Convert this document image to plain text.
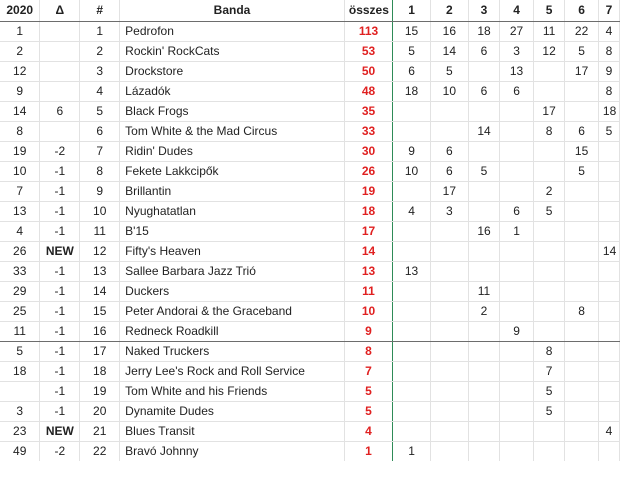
2020	Δ	#	Banda	összes	1	2	3	4	5	6	7
1		1	Pedrofon	113	15	16	18	27	11	22	4
2		2	Rockin' RockCats	53	5	14	6	3	12	5	8
12		3	Drockstore	50	6	5		13		17	9
9		4	Lázadók	48	18	10	6	6			8
14	6	5	Black Frogs	35					17		18
8		6	Tom White & the Mad Circus	33			14		8	6	5
19	-2	7	Ridin' Dudes	30	9	6				15	
10	-1	8	Fekete Lakkcipők	26	10	6	5			5	
7	-1	9	Brillantin	19		17			2		
13	-1	10	Nyughatatlan	18	4	3		6	5		
4	-1	11	B'15	17			16	1			
26	NEW	12	Fifty's Heaven	14							14
33	-1	13	Sallee Barbara Jazz Trió	13	13						
29	-1	14	Duckers	11			11				
25	-1	15	Peter Andorai & the Graceband	10			2			8	
11	-1	16	Redneck Roadkill	9				9			
5	-1	17	Naked Truckers	8					8		
18	-1	18	Jerry Lee's Rock and Roll Service	7					7		
	-1	19	Tom White and his Friends	5					5		
3	-1	20	Dynamite Dudes	5					5		
23	NEW	21	Blues Transit	4							4
49	-2	22	Bravó Johnny	1	1						
